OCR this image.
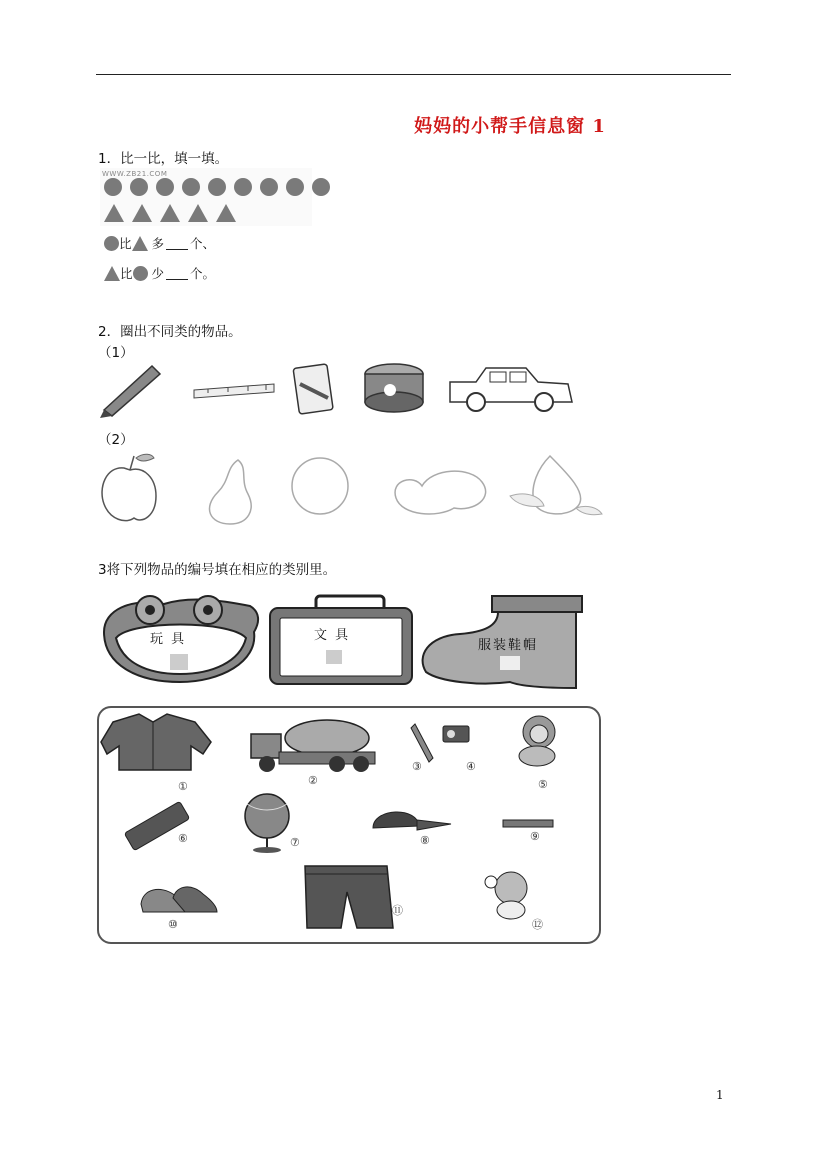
妈妈的小帮手信息窗 1
1．比一比，填一填。
WWW.ZB21.COM
比 多 个、
比 少 个。
2．圈出不同类的物品。
（1）
（2）
3将下列物品的编号填在相应的类别里。
玩 具	文 具
服装鞋帽
①	②
③	④
⑤
⑥	⑦	⑧	⑨
⑩
⑪
⑫
1
